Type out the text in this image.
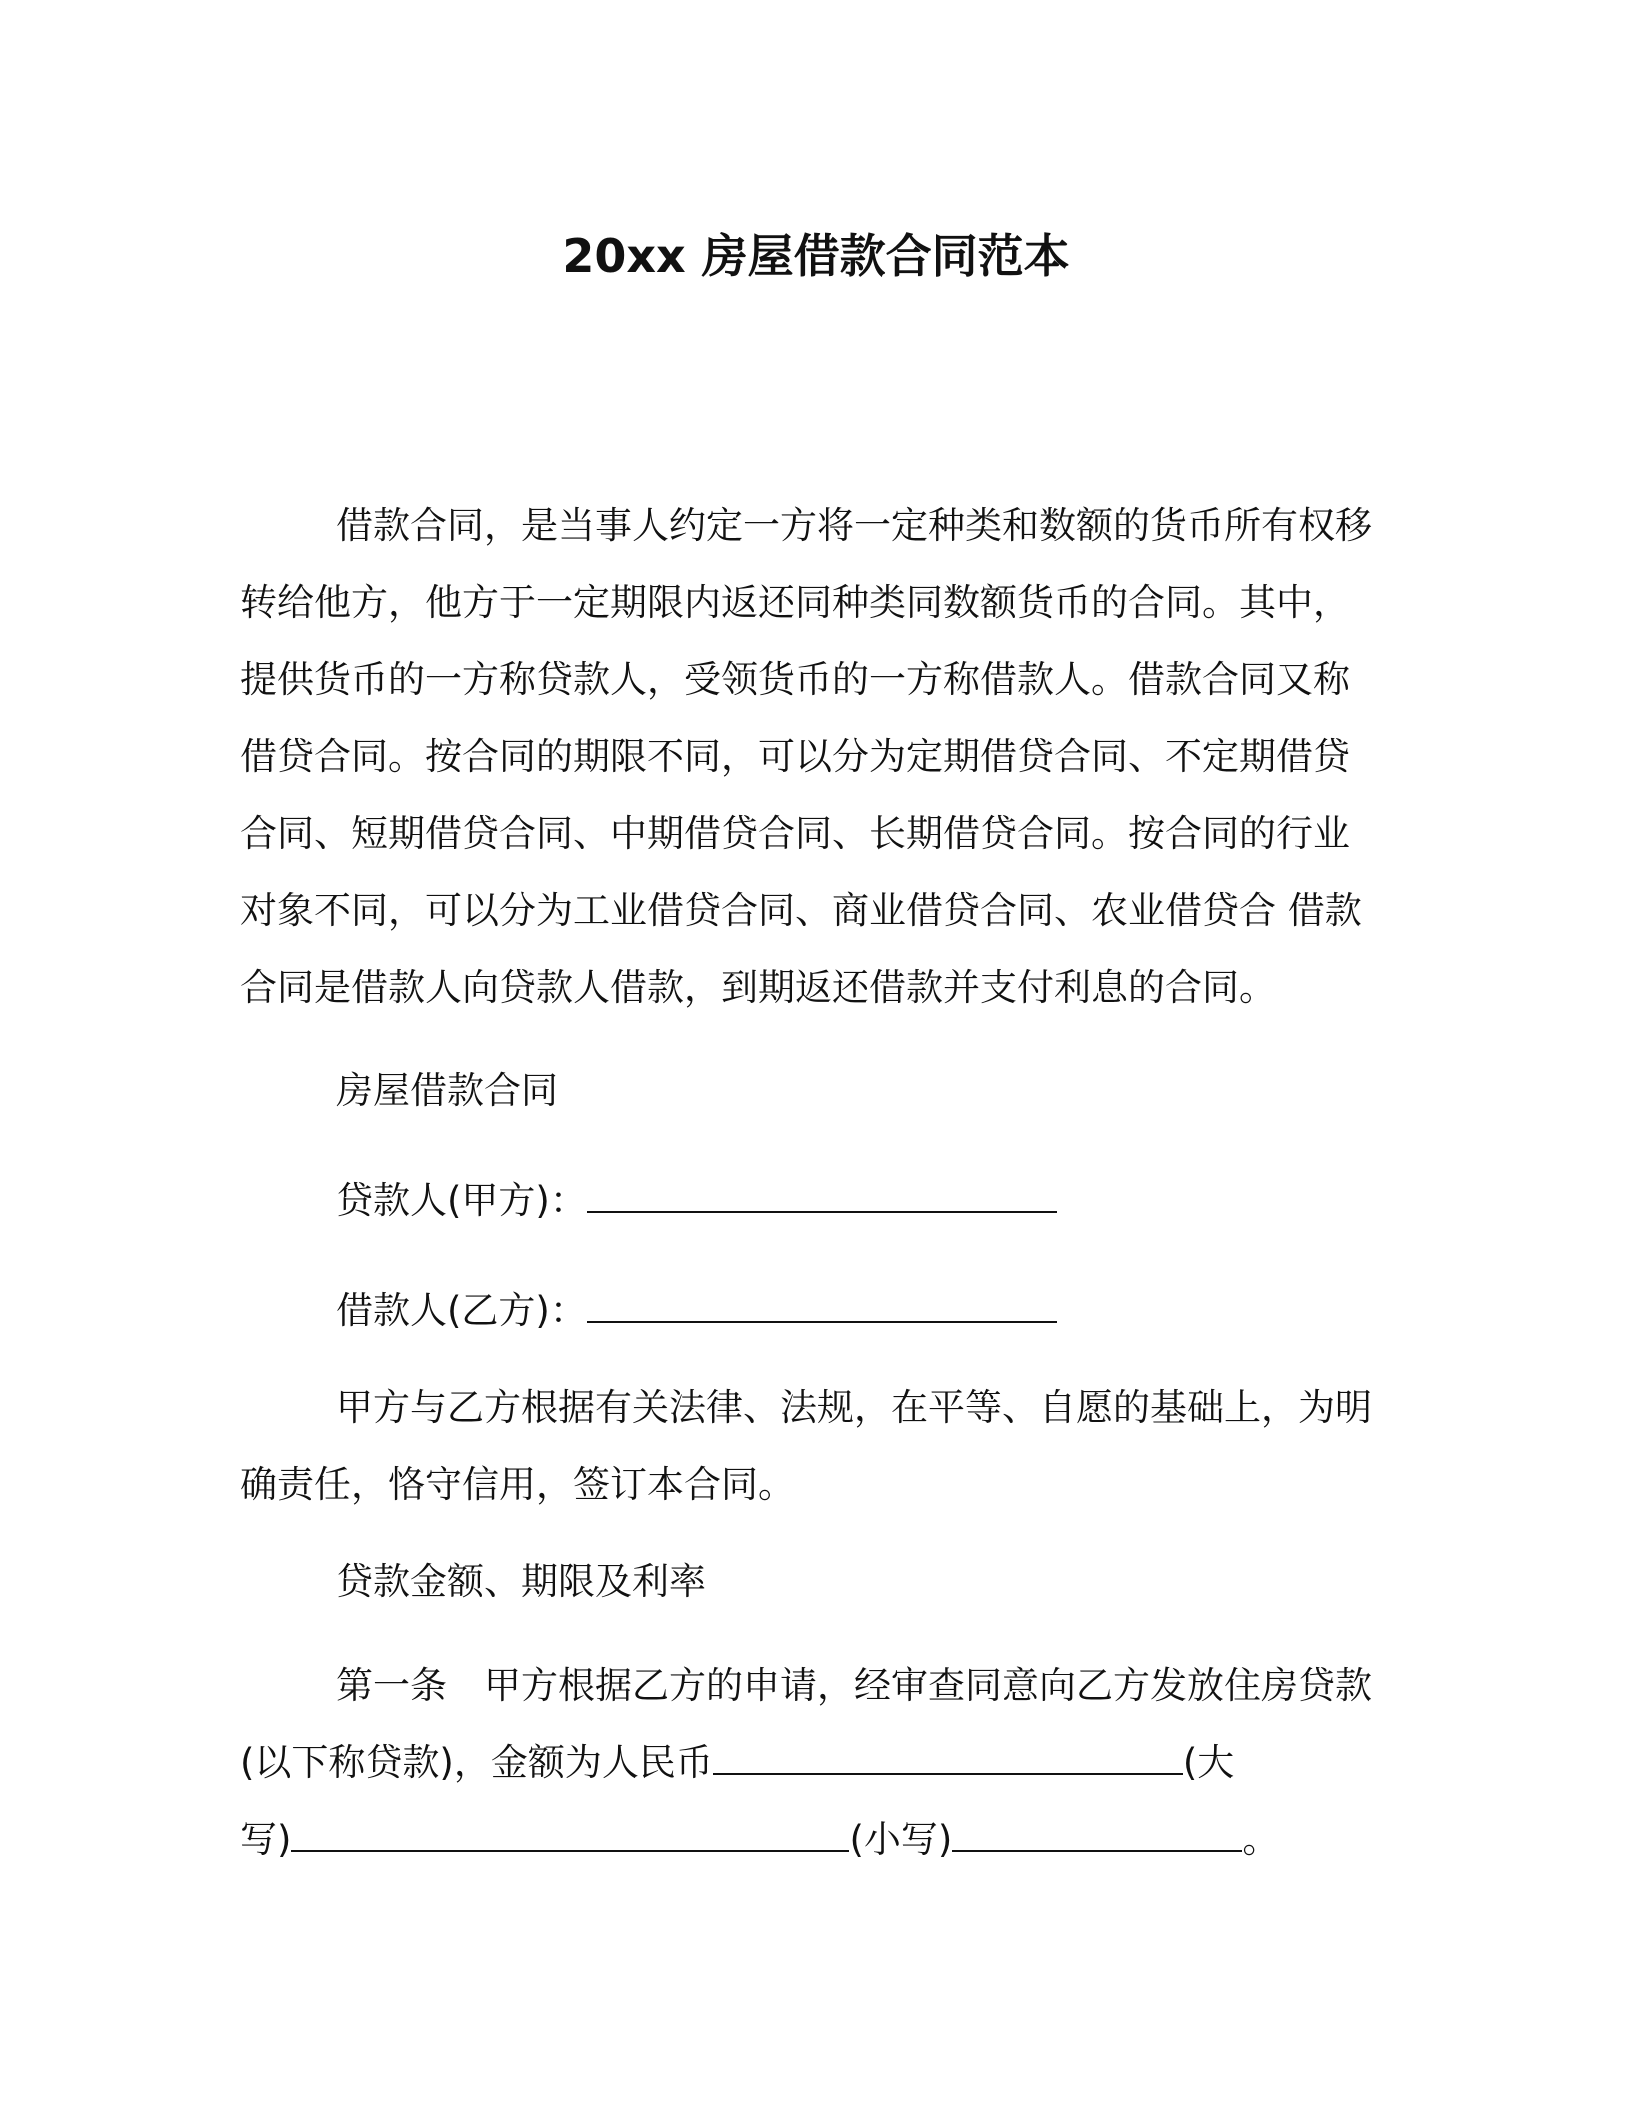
20xx 房屋借款合同范本
借款合同，是当事人约定一方将一定种类和数额的货币所有权移
转给他方，他方于一定期限内返还同种类同数额货币的合同。其中，
提供货币的一方称贷款人，受领货币的一方称借款人。借款合同又称
借贷合同。按合同的期限不同，可以分为定期借贷合同、不定期借贷
合同、短期借贷合同、中期借贷合同、长期借贷合同。按合同的行业
对象不同，可以分为工业借贷合同、商业借贷合同、农业借贷合 借款
合同是借款人向贷款人借款，到期返还借款并支付利息的合同。
房屋借款合同
贷款人(甲方)：
借款人(乙方)：
甲方与乙方根据有关法律、法规，在平等、自愿的基础上，为明
确责任，恪守信用，签订本合同。
贷款金额、期限及利率
第一条　甲方根据乙方的申请，经审查同意向乙方发放住房贷款
(以下称贷款)，金额为人民币	(大
写)	(小写)	。
